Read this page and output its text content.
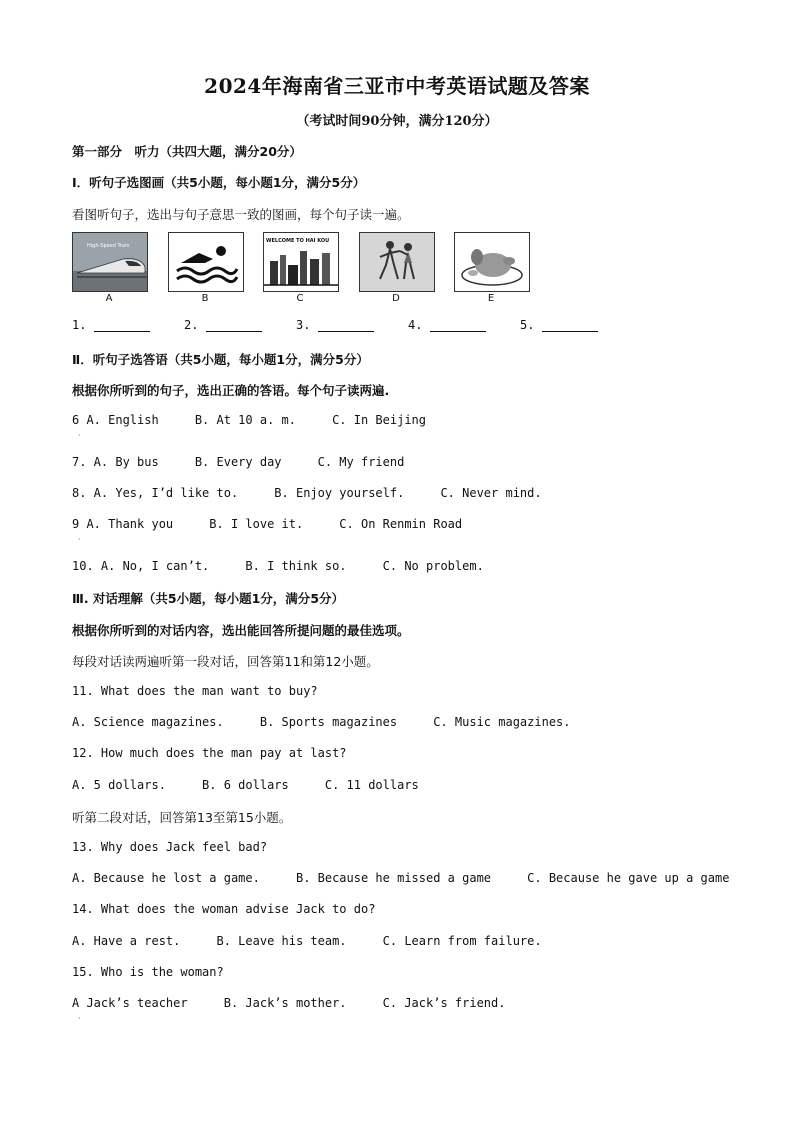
2024年海南省三亚市中考英语试题及答案
（考试时间90分钟，满分120分）
第一部分　听力（共四大题，满分20分）
Ⅰ．听句子选图画（共5小题，每小题1分，满分5分）
看图听句子，选出与句子意思一致的图画，每个句子读一遍。
High-Speed Train
A	B
WELCOME TO HAI KOU
C	D	E
1.	2.	3.	4.	5.
Ⅱ．听句子选答语（共5小题，每小题1分，满分5分）
根据你所听到的句子，选出正确的答语。每个句子读两遍.
6 A. English     B. At 10 a. m.     C. In Beijing
·
7. A. By bus     B. Every day     C. My friend
8. A. Yes, I’d like to.     B. Enjoy yourself.     C. Never mind.
9 A. Thank you     B. I love it.     C. On Renmin Road
·
10. A. No, I can’t.     B. I think so.     C. No problem.
Ⅲ. 对话理解（共5小题，每小题1分，满分5分）
根据你所听到的对话内容，选出能回答所提问题的最佳选项。
每段对话读两遍听第一段对话，回答第11和第12小题。
11. What does the man want to buy?
A. Science magazines.     B. Sports magazines     C. Music magazines.
12. How much does the man pay at last?
A. 5 dollars.     B. 6 dollars     C. 11 dollars
听第二段对话，回答第13至第15小题。
13. Why does Jack feel bad?
A. Because he lost a game.     B. Because he missed a game     C. Because he gave up a game
14. What does the woman advise Jack to do?
A. Have a rest.     B. Leave his team.     C. Learn from failure.
15. Who is the woman?
A Jack’s teacher     B. Jack’s mother.     C. Jack’s friend.
·
